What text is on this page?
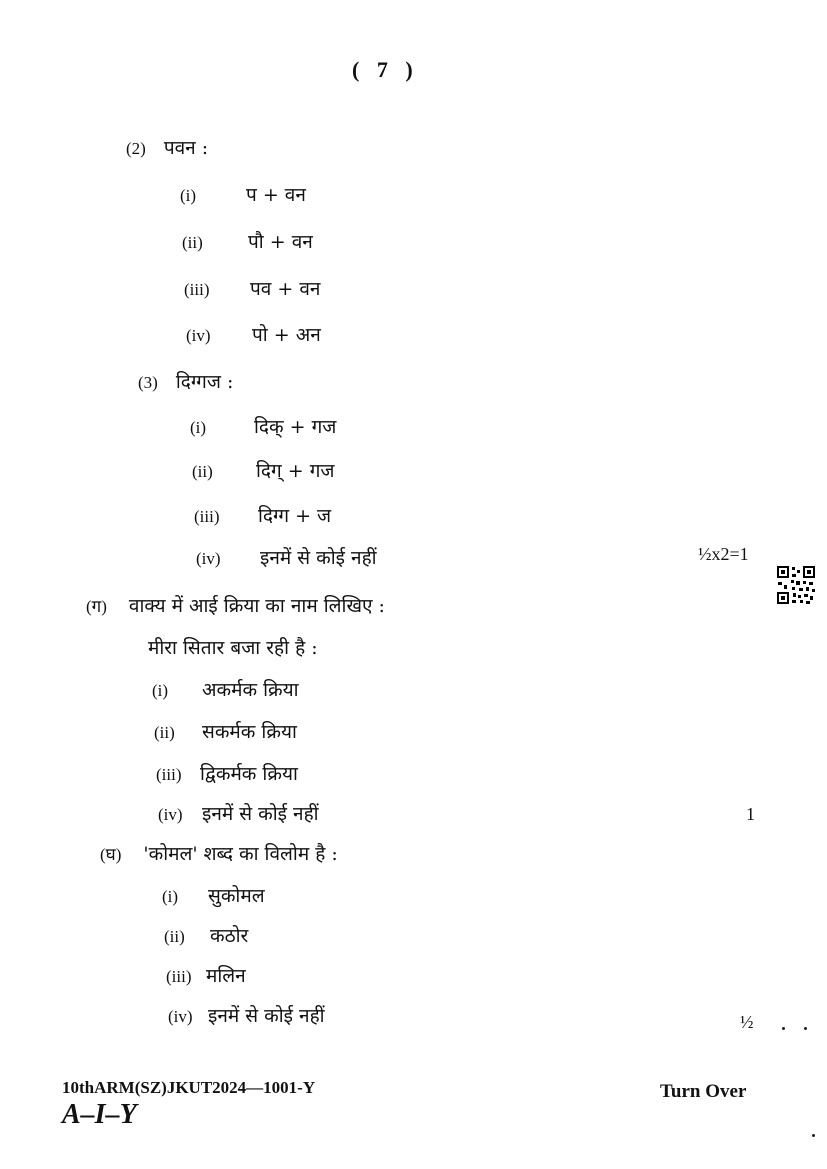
( 7 )
(2) पवन :
(i)	प + वन
(ii) पौ + वन
(iii) पव + वन
(iv) पो + अन
(3) दिग्गज :
(i)	दिक् + गज
(ii) दिग् + गज
(iii) दिग्ग + ज
(iv) इनमें से कोई नहीं	½x2=1
(ग) वाक्य में आई क्रिया का नाम लिखिए :
मीरा सितार बजा रही है :
(i) अकर्मक क्रिया
(ii) सकर्मक क्रिया
(iii) द्विकर्मक क्रिया
(iv) इनमें से कोई नहीं	1
(घ) 'कोमल' शब्द का विलोम है :
(i) सुकोमल
(ii) कठोर
(iii) मलिन
(iv) इनमें से कोई नहीं	½
10thARM(SZ)JKUT2024—1001-Y
A–I–Y
Turn Over
